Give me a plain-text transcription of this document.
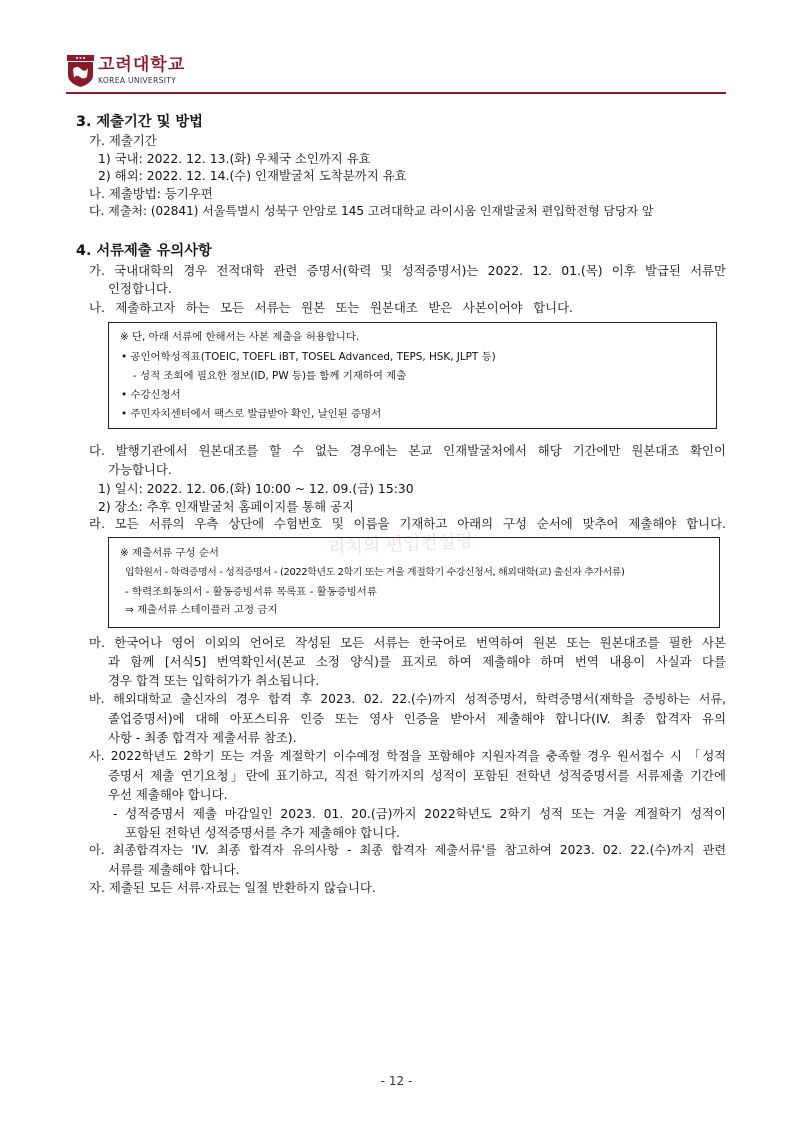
고려대학교
KOREA UNIVERSITY
3. 제출기간 및 방법
가. 제출기간
1) 국내: 2022. 12. 13.(화) 우체국 소인까지 유효
2) 해외: 2022. 12. 14.(수) 인재발굴처 도착분까지 유효
나. 제출방법: 등기우편
다. 제출처: (02841) 서울특별시 성북구 안암로 145 고려대학교 라이시움 인재발굴처 편입학전형 담당자 앞
4. 서류제출 유의사항
가. 국내대학의 경우 전적대학 관련 증명서(학력 및 성적증명서)는 2022. 12. 01.(목) 이후 발급된 서류만
인정합니다.
나. 제출하고자 하는 모든 서류는 원본 또는 원본대조 받은 사본이어야 합니다.
※ 단, 아래 서류에 한해서는 사본 제출을 허용합니다.
• 공인어학성적표(TOEIC, TOEFL iBT, TOSEL Advanced, TEPS, HSK, JLPT 등)
- 성적 조회에 필요한 정보(ID, PW 등)를 함께 기재하여 제출
• 수강신청서
• 주민자치센터에서 팩스로 발급받아 확인, 날인된 증명서
다. 발행기관에서 원본대조를 할 수 없는 경우에는 본교 인재발굴처에서 해당 기간에만 원본대조 확인이
가능합니다.
1) 일시: 2022. 12. 06.(화) 10:00 ~ 12. 09.(금) 15:30
2) 장소: 추후 인재발굴처 홈페이지를 통해 공지
라. 모든 서류의 우측 상단에 수험번호 및 이름을 기재하고 아래의 구성 순서에 맞추어 제출해야 합니다.
※ 제출서류 구성 순서
입학원서 - 학력증명서 - 성적증명서 - (2022학년도 2학기 또는 겨울 계절학기 수강신청서, 해외대학(교) 출신자 추가서류)
- 학력조회동의서 - 활동증빙서류 목록표 - 활동증빙서류
⇒ 제출서류 스테이플러 고정 금지
리치의 편입컨설팅
마. 한국어나 영어 이외의 언어로 작성된 모든 서류는 한국어로 번역하여 원본 또는 원본대조를 필한 사본
과 함께 [서식5] 번역확인서(본교 소정 양식)를 표지로 하여 제출해야 하며 번역 내용이 사실과 다를
경우 합격 또는 입학허가가 취소됩니다.
바. 해외대학교 출신자의 경우 합격 후 2023. 02. 22.(수)까지 성적증명서, 학력증명서(재학을 증빙하는 서류,
졸업증명서)에 대해 아포스티유 인증 또는 영사 인증을 받아서 제출해야 합니다(IV. 최종 합격자 유의
사항 - 최종 합격자 제출서류 참조).
사. 2022학년도 2학기 또는 겨울 계절학기 이수예정 학점을 포함해야 지원자격을 충족할 경우 원서접수 시 「성적
증명서 제출 연기요청」란에 표기하고, 직전 학기까지의 성적이 포함된 전학년 성적증명서를 서류제출 기간에
우선 제출해야 합니다.
- 성적증명서 제출 마감일인 2023. 01. 20.(금)까지 2022학년도 2학기 성적 또는 겨울 계절학기 성적이
포함된 전학년 성적증명서를 추가 제출해야 합니다.
아. 최종합격자는 'IV. 최종 합격자 유의사항 - 최종 합격자 제출서류'를 참고하여 2023. 02. 22.(수)까지 관련
서류를 제출해야 합니다.
자. 제출된 모든 서류·자료는 일절 반환하지 않습니다.
- 12 -
